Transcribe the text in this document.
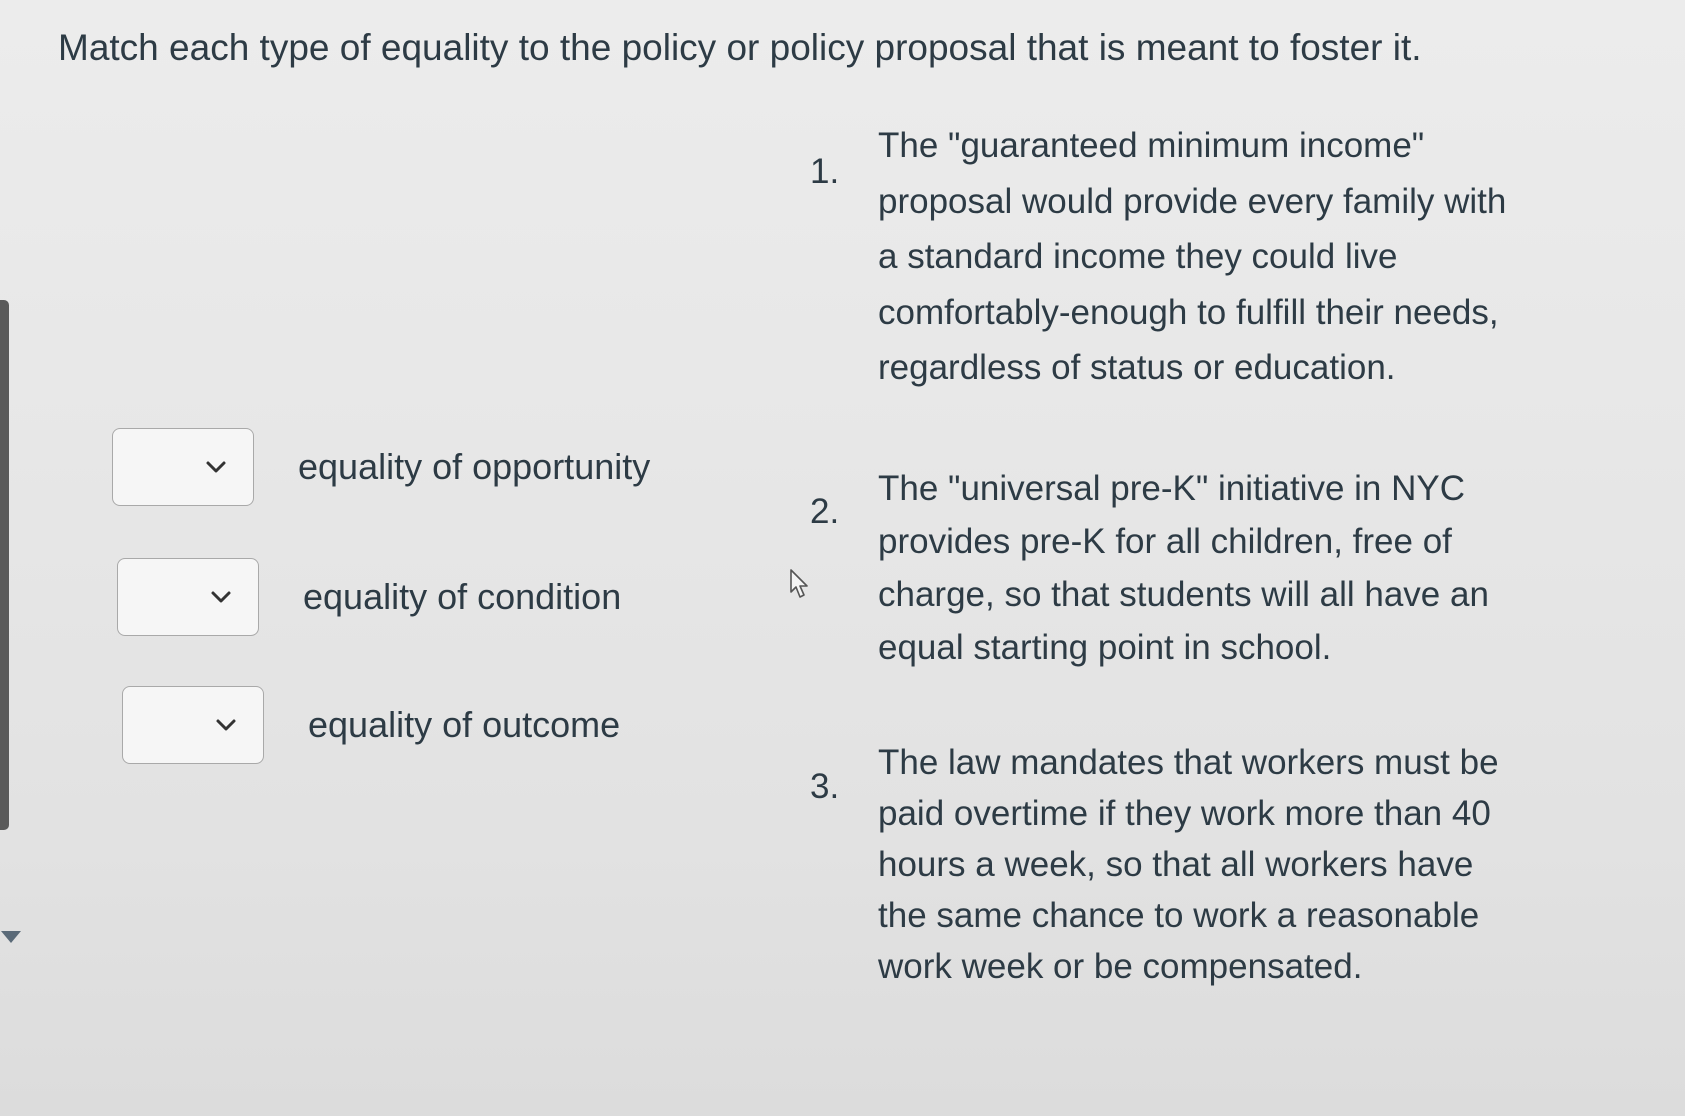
Match each type of equality to the policy or policy proposal that is meant to foster it.
equality of opportunity
equality of condition
equality of outcome
1.
The "guaranteed minimum income" proposal would provide every family with a standard income they could live comfortably-enough to fulfill their needs, regardless of status or education.
2.
The "universal pre-K" initiative in NYC provides pre-K for all children, free of charge, so that students will all have an equal starting point in school.
3.
The law mandates that workers must be paid overtime if they work more than 40 hours a week, so that all workers have the same chance to work a reasonable work week or be compensated.
